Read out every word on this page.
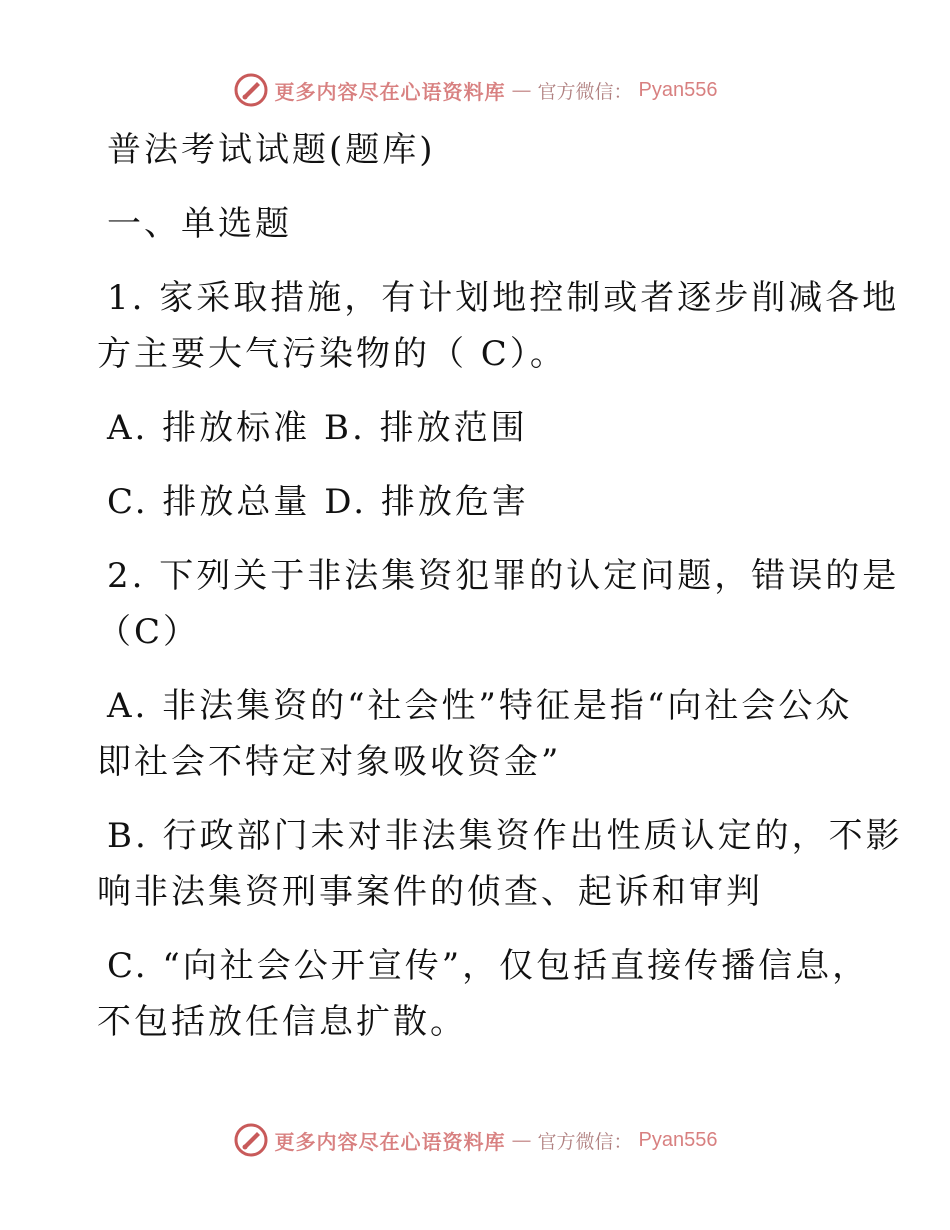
更多内容尽在心语资料库 — 官方微信： Pyan556
普法考试试题(题库)
一、单选题
1. 家采取措施，有计划地控制或者逐步削减各地
方主要大气污染物的（ C）。
A. 排放标准 B. 排放范围
C. 排放总量 D. 排放危害
2. 下列关于非法集资犯罪的认定问题，错误的是
（C）
A. 非法集资的“社会性”特征是指“向社会公众
即社会不特定对象吸收资金”
B. 行政部门未对非法集资作出性质认定的，不影
响非法集资刑事案件的侦查、起诉和审判
C. “向社会公开宣传”，仅包括直接传播信息，
不包括放任信息扩散。
更多内容尽在心语资料库 — 官方微信： Pyan556
